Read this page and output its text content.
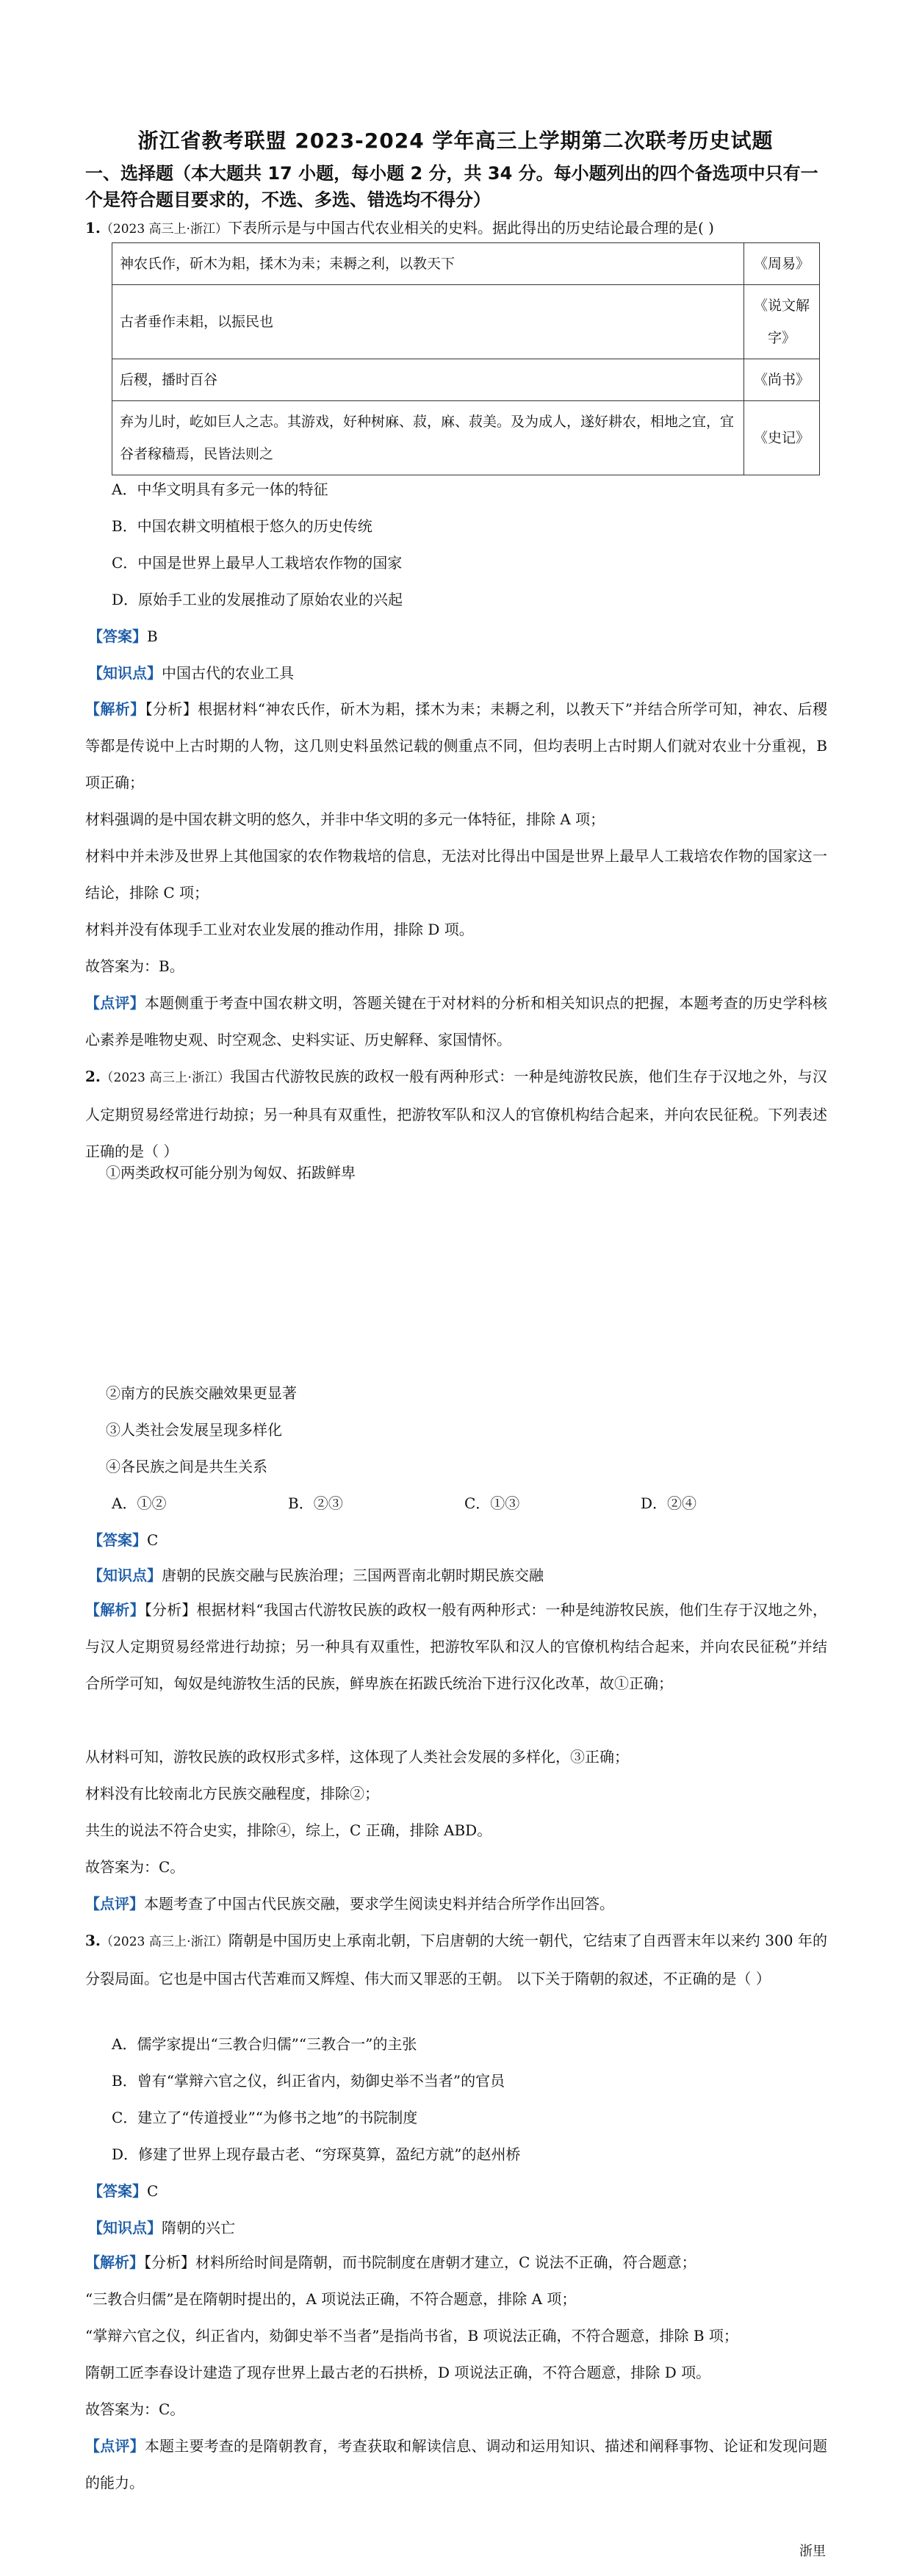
浙江省教考联盟 2023-2024 学年高三上学期第二次联考历史试题
一、选择题（本大题共 17 小题，每小题 2 分，共 34 分。每小题列出的四个备选项中只有一个是符合题目要求的，不选、多选、错选均不得分）
1.（2023 高三上·浙江）下表所示是与中国古代农业相关的史料。据此得出的历史结论最合理的是( )
神农氏作，斫木为耜，揉木为耒；耒耨之利，以教天下	《周易》
古者垂作耒耜，以振民也	《说文解字》
后稷，播时百谷	《尚书》
弃为儿时，屹如巨人之志。其游戏，好种树麻、菽，麻、菽美。及为成人，遂好耕农，相地之宜，宜谷者稼穑焉，民皆法则之	《史记》
A．中华文明具有多元一体的特征
B．中国农耕文明植根于悠久的历史传统
C．中国是世界上最早人工栽培农作物的国家
D．原始手工业的发展推动了原始农业的兴起
【答案】B
【知识点】中国古代的农业工具
【解析】【分析】根据材料“神农氏作，斫木为耜，揉木为耒；耒耨之利，以教天下”并结合所学可知，神农、后稷等都是传说中上古时期的人物，这几则史料虽然记载的侧重点不同，但均表明上古时期人们就对农业十分重视，B 项正确；
材料强调的是中国农耕文明的悠久，并非中华文明的多元一体特征，排除 A 项；
材料中并未涉及世界上其他国家的农作物栽培的信息，无法对比得出中国是世界上最早人工栽培农作物的国家这一结论，排除 C 项；
材料并没有体现手工业对农业发展的推动作用，排除 D 项。
故答案为：B。
【点评】本题侧重于考查中国农耕文明，答题关键在于对材料的分析和相关知识点的把握，本题考查的历史学科核心素养是唯物史观、时空观念、史料实证、历史解释、家国情怀。
2.（2023 高三上·浙江）我国古代游牧民族的政权一般有两种形式：一种是纯游牧民族，他们生存于汉地之外，与汉人定期贸易经常进行劫掠；另一种具有双重性，把游牧军队和汉人的官僚机构结合起来，并向农民征税。下列表述正确的是（ ）
①两类政权可能分别为匈奴、拓跋鲜卑
②南方的民族交融效果更显著
③人类社会发展呈现多样化
④各民族之间是共生关系
A．①②	B．②③	C．①③	D．②④
【答案】C
【知识点】唐朝的民族交融与民族治理；三国两晋南北朝时期民族交融
【解析】【分析】根据材料“我国古代游牧民族的政权一般有两种形式：一种是纯游牧民族，他们生存于汉地之外，与汉人定期贸易经常进行劫掠；另一种具有双重性，把游牧军队和汉人的官僚机构结合起来，并向农民征税”并结合所学可知，匈奴是纯游牧生活的民族，鲜卑族在拓跋氏统治下进行汉化改革，故①正确；
从材料可知，游牧民族的政权形式多样，这体现了人类社会发展的多样化，③正确；
材料没有比较南北方民族交融程度，排除②；
共生的说法不符合史实，排除④，综上，C 正确，排除 ABD。
故答案为：C。
【点评】本题考查了中国古代民族交融，要求学生阅读史料并结合所学作出回答。
3.（2023 高三上·浙江）隋朝是中国历史上承南北朝，下启唐朝的大统一朝代，它结束了自西晋末年以来约 300 年的分裂局面。它也是中国古代苦难而又辉煌、伟大而又罪恶的王朝。 以下关于隋朝的叙述，不正确的是（ ）
A．儒学家提出“三教合归儒”“三教合一”的主张
B．曾有“掌辩六官之仪，纠正省内，劾御史举不当者”的官员
C．建立了“传道授业”“为修书之地”的书院制度
D．修建了世界上现存最古老、“穷琛莫算，盈纪方就”的赵州桥
【答案】C
【知识点】隋朝的兴亡
【解析】【分析】材料所给时间是隋朝，而书院制度在唐朝才建立，C 说法不正确，符合题意；
“三教合归儒”是在隋朝时提出的，A 项说法正确，不符合题意，排除 A 项；
“掌辩六官之仪，纠正省内，劾御史举不当者”是指尚书省，B 项说法正确，不符合题意，排除 B 项；
隋朝工匠李春设计建造了现存世界上最古老的石拱桥，D 项说法正确，不符合题意，排除 D 项。
故答案为：C。
【点评】本题主要考查的是隋朝教育，考查获取和解读信息、调动和运用知识、描述和阐释事物、论证和发现问题的能力。
浙里
